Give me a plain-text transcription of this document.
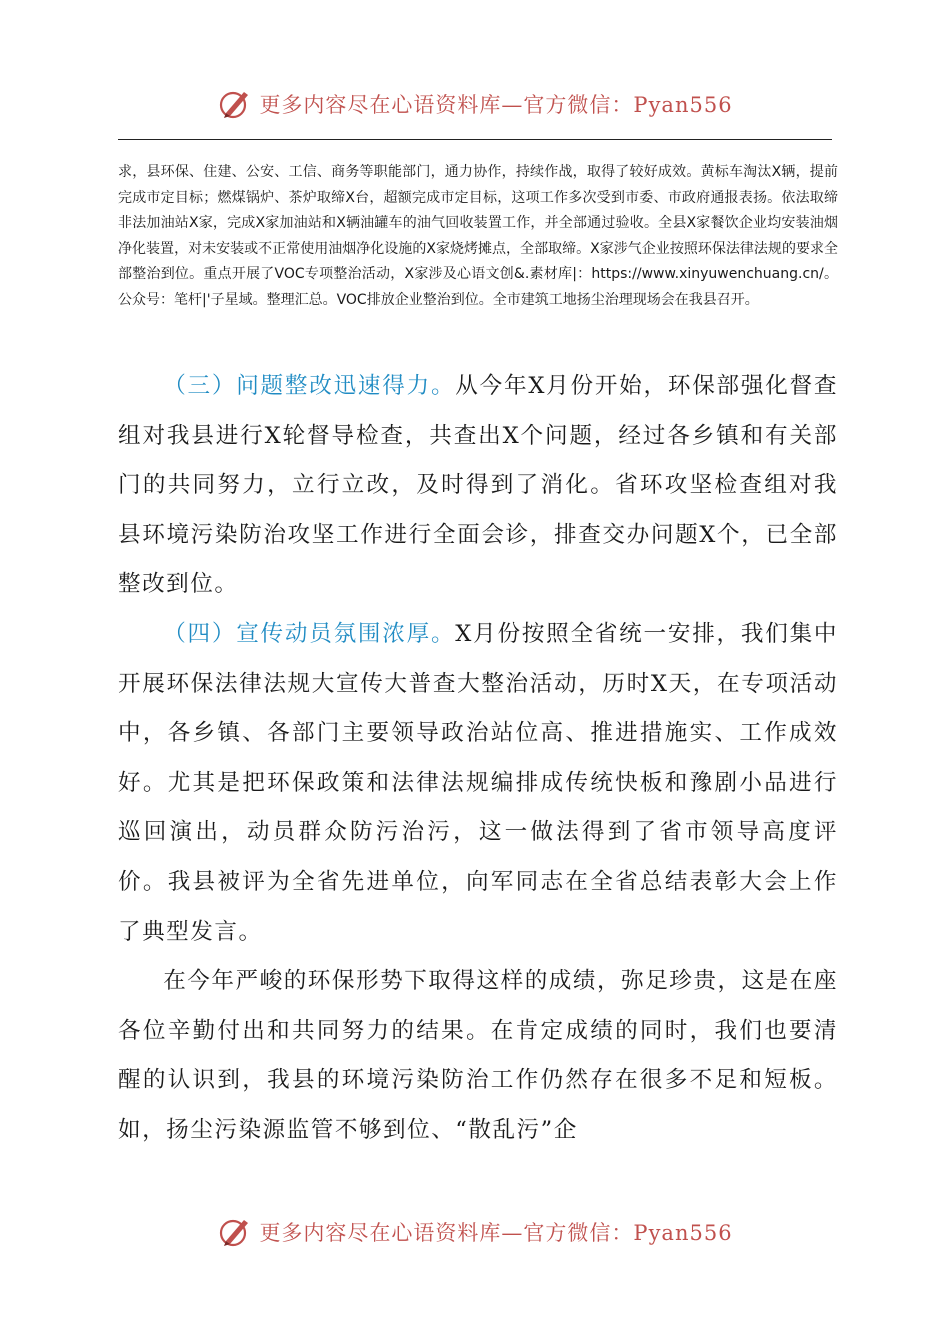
更多内容尽在心语资料库—官方微信：Pyan556

求，县环保、住建、公安、工信、商务等职能部门，通力协作，持续作战，取得了较好成效。黄标车淘汰X辆，提前完成市定目标；燃煤锅炉、茶炉取缔X台，超额完成市定目标，这项工作多次受到市委、市政府通报表扬。依法取缔非法加油站X家，完成X家加油站和X辆油罐车的油气回收装置工作，并全部通过验收。全县X家餐饮企业均安装油烟净化装置，对未安装或不正常使用油烟净化设施的X家烧烤摊点，全部取缔。X家涉气企业按照环保法律法规的要求全部整治到位。重点开展了VOC专项整治活动，X家涉及心语文创&.素材库|：https://www.xinyuwenchuang.cn/。公众号：笔杆|'子星域。整理汇总。VOC排放企业整治到位。全市建筑工地扬尘治理现场会在我县召开。

（三）问题整改迅速得力。从今年X月份开始，环保部强化督查组对我县进行X轮督导检查，共查出X个问题，经过各乡镇和有关部门的共同努力，立行立改，及时得到了消化。省环攻坚检查组对我县环境污染防治攻坚工作进行全面会诊，排查交办问题X个，已全部整改到位。

（四）宣传动员氛围浓厚。X月份按照全省统一安排，我们集中开展环保法律法规大宣传大普查大整治活动，历时X天，在专项活动中，各乡镇、各部门主要领导政治站位高、推进措施实、工作成效好。尤其是把环保政策和法律法规编排成传统快板和豫剧小品进行巡回演出，动员群众防污治污，这一做法得到了省市领导高度评价。我县被评为全省先进单位，向军同志在全省总结表彰大会上作了典型发言。

在今年严峻的环保形势下取得这样的成绩，弥足珍贵，这是在座各位辛勤付出和共同努力的结果。在肯定成绩的同时，我们也要清醒的认识到，我县的环境污染防治工作仍然存在很多不足和短板。如，扬尘污染源监管不够到位、“散乱污”企

更多内容尽在心语资料库—官方微信：Pyan556
